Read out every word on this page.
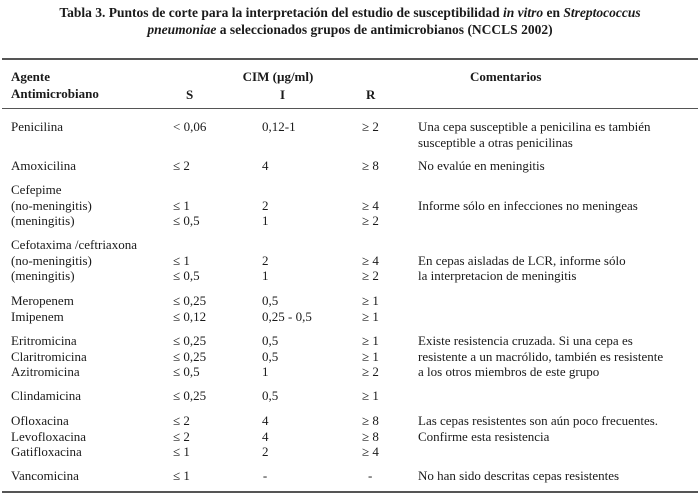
Tabla 3. Puntos de corte para la interpretación del estudio de susceptibilidad in vitro en Streptococcus
pneumoniae a seleccionados grupos de antimicrobianos (NCCLS 2002)
Agente
Antimicrobiano
CIM (µg/ml)
S	I	R
Comentarios
Penicilina	< 0,06	0,12-1	≥ 2	Una cepa susceptible a penicilina es también
susceptible a otras penicilinas
Amoxicilina	≤ 2	4	≥ 8	No evalúe en meningitis
Cefepime
(no-meningitis)	≤ 1	2	≥ 4	Informe sólo en infecciones no meningeas
(meningitis)	≤ 0,5	1	≥ 2
Cefotaxima /ceftriaxona
(no-meningitis)	≤ 1	2	≥ 4	En cepas aisladas de LCR, informe sólo
(meningitis)	≤ 0,5	1	≥ 2	la interpretacion de meningitis
Meropenem	≤ 0,25	0,5	≥ 1
Imipenem	≤ 0,12	0,25 - 0,5	≥ 1
Eritromicina	≤ 0,25	0,5	≥ 1	Existe resistencia cruzada. Si una cepa es
Claritromicina	≤ 0,25	0,5	≥ 1	resistente a un macrólido, también es resistente
Azitromicina	≤ 0,5	1	≥ 2	a los otros miembros de este grupo
Clindamicina	≤ 0,25	0,5	≥ 1
Ofloxacina	≤ 2	4	≥ 8	Las cepas resistentes son aún poco frecuentes.
Levofloxacina	≤ 2	4	≥ 8	Confirme esta resistencia
Gatifloxacina	≤ 1	2	≥ 4
Vancomicina	≤ 1	-	-	No han sido descritas cepas resistentes
